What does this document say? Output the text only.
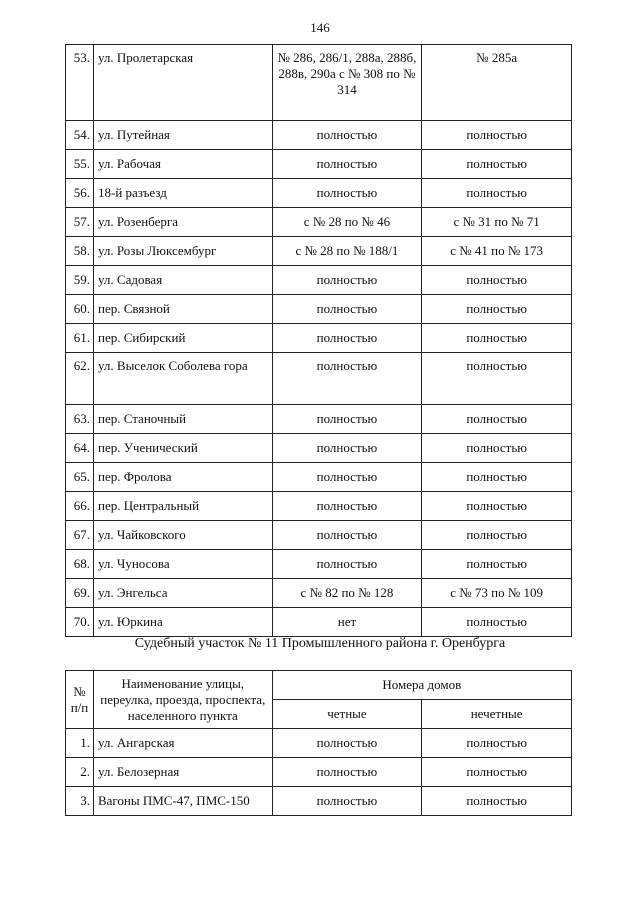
146
53.	ул. Пролетарская	№ 286, 286/1, 288а, 288б, 288в, 290а с № 308 по № 314	№ 285а
54.	ул. Путейная	полностью	полностью
55.	ул. Рабочая	полностью	полностью
56.	18-й разъезд	полностью	полностью
57.	ул. Розенберга	с № 28 по № 46	с № 31 по № 71
58.	ул. Розы Люксембург	с № 28 по № 188/1	с № 41 по № 173
59.	ул. Садовая	полностью	полностью
60.	пер. Связной	полностью	полностью
61.	пер. Сибирский	полностью	полностью
62.	ул. Выселок Соболева гора	полностью	полностью
63.	пер. Станочный	полностью	полностью
64.	пер. Ученический	полностью	полностью
65.	пер. Фролова	полностью	полностью
66.	пер. Центральный	полностью	полностью
67.	ул. Чайковского	полностью	полностью
68.	ул. Чуносова	полностью	полностью
69.	ул. Энгельса	с № 82 по № 128	с № 73 по № 109
70.	ул. Юркина	нет	полностью
Судебный участок № 11 Промышленного района г. Оренбурга
№ п/п	Наименование улицы, переулка, проезда, проспекта, населенного пункта	Номера домов	
		четные	нечетные
1.	ул. Ангарская	полностью	полностью
2.	ул. Белозерная	полностью	полностью
3.	Вагоны ПМС-47, ПМС-150	полностью	полностью
